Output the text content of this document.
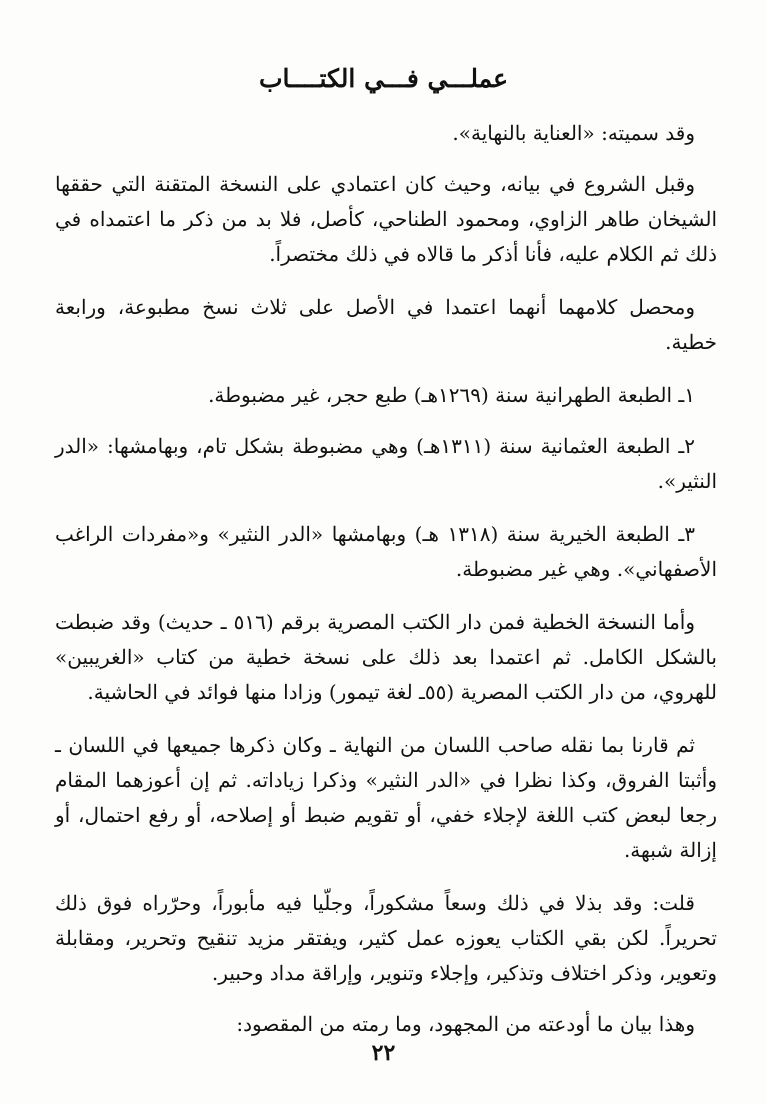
عملـــي فـــي الكتــــاب

وقد سميته: «العناية بالنهاية».

وقبل الشروع في بيانه، وحيث كان اعتمادي على النسخة المتقنة التي حققها الشيخان طاهر الزاوي، ومحمود الطناحي، كأصل، فلا بد من ذكر ما اعتمداه في ذلك ثم الكلام عليه، فأنا أذكر ما قالاه في ذلك مختصراً.

ومحصل كلامهما أنهما اعتمدا في الأصل على ثلاث نسخ مطبوعة، ورابعة خطية.

١ـ الطبعة الطهرانية سنة (١٢٦٩هـ) طبع حجر، غير مضبوطة.

٢ـ الطبعة العثمانية سنة (١٣١١هـ) وهي مضبوطة بشكل تام، وبهامشها: «الدر النثير».

٣ـ الطبعة الخيرية سنة (١٣١٨ هـ) وبهامشها «الدر النثير» و«مفردات الراغب الأصفهاني». وهي غير مضبوطة.

وأما النسخة الخطية فمن دار الكتب المصرية برقم (٥١٦ ـ حديث) وقد ضبطت بالشكل الكامل. ثم اعتمدا بعد ذلك على نسخة خطية من كتاب «الغريبين» للهروي، من دار الكتب المصرية (٥٥ـ لغة تيمور) وزادا منها فوائد في الحاشية.

ثم قارنا بما نقله صاحب اللسان من النهاية ـ وكان ذكرها جميعها في اللسان ـ وأثبتا الفروق، وكذا نظرا في «الدر النثير» وذكرا زياداته. ثم إن أعوزهما المقام رجعا لبعض كتب اللغة لإجلاء خفي، أو تقويم ضبط أو إصلاحه، أو رفع احتمال، أو إزالة شبهة.

قلت: وقد بذلا في ذلك وسعاً مشكوراً، وجلّيا فيه مأبوراً، وحرّراه فوق ذلك تحريراً. لكن بقي الكتاب يعوزه عمل كثير، ويفتقر مزيد تنقيح وتحرير، ومقابلة وتعوير، وذكر اختلاف وتذكير، وإجلاء وتنوير، وإراقة مداد وحبير.

وهذا بيان ما أودعته من المجهود، وما رمته من المقصود:

٢٢
